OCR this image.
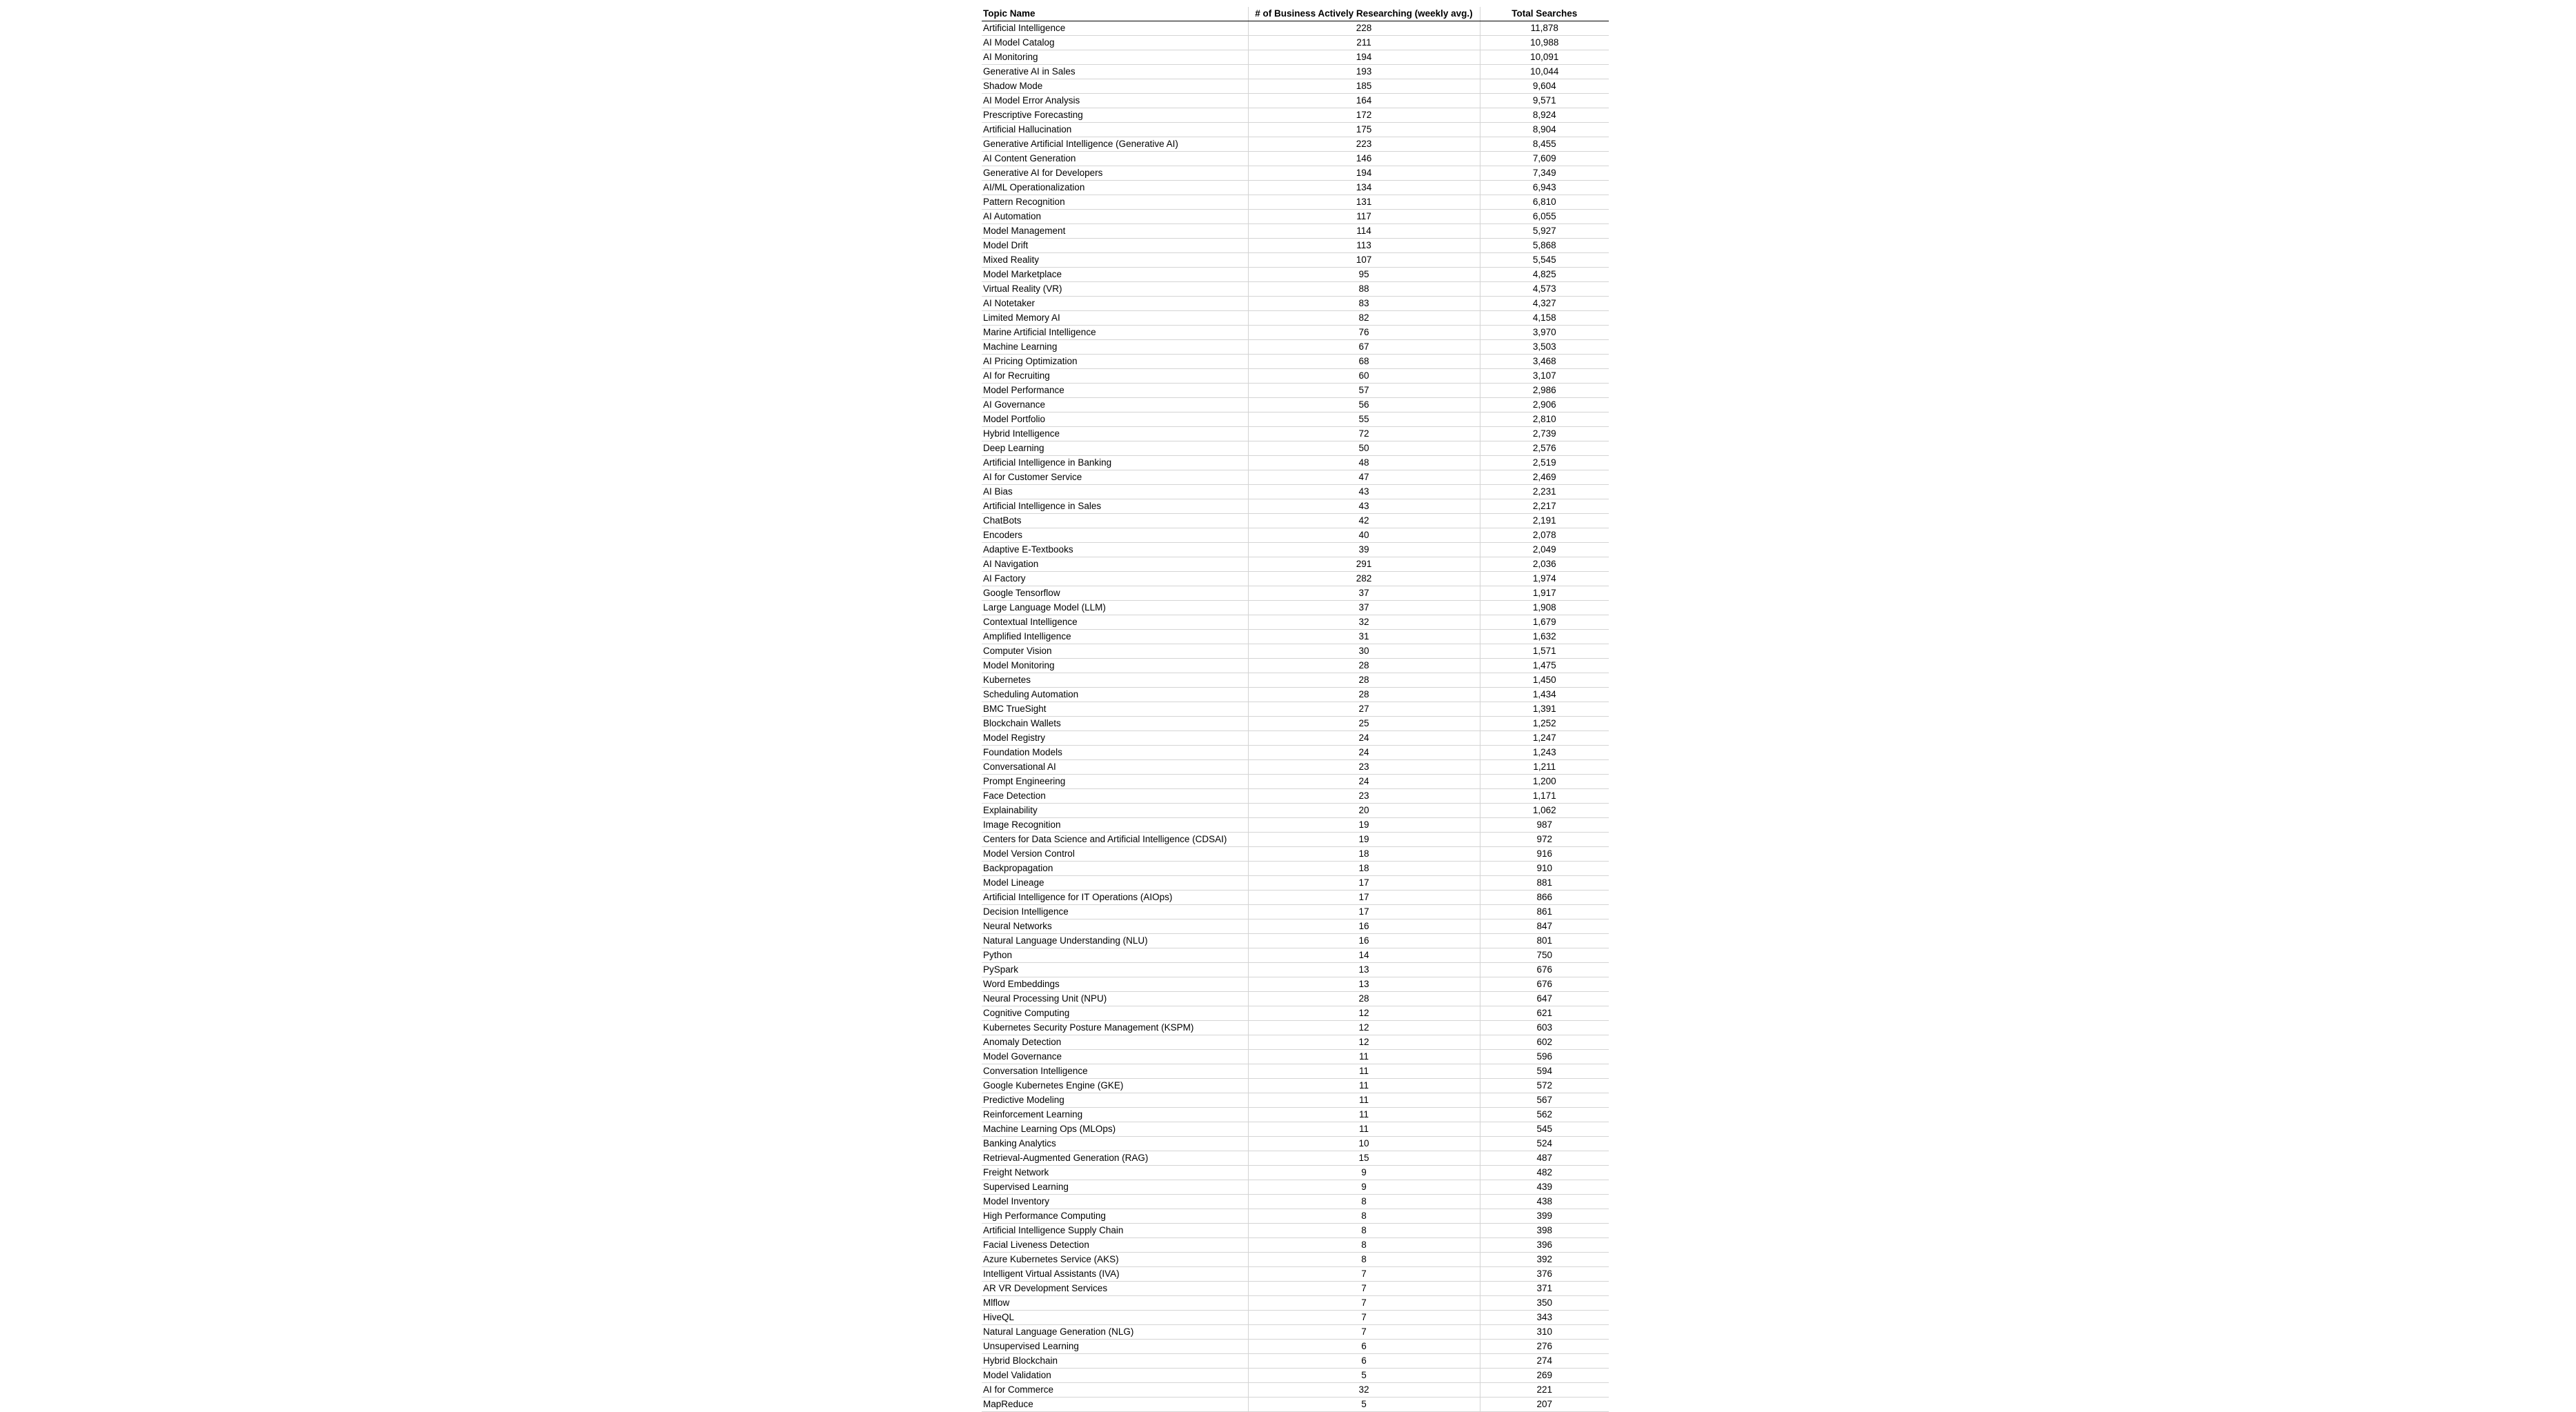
Topic Name	# of Business Actively Researching (weekly avg.)	Total Searches
Artificial Intelligence	228	11,878
AI Model Catalog	211	10,988
AI Monitoring	194	10,091
Generative AI in Sales	193	10,044
Shadow Mode	185	9,604
AI Model Error Analysis	164	9,571
Prescriptive Forecasting	172	8,924
Artificial Hallucination	175	8,904
Generative Artificial Intelligence (Generative AI)	223	8,455
AI Content Generation	146	7,609
Generative AI for Developers	194	7,349
AI/ML Operationalization	134	6,943
Pattern Recognition	131	6,810
AI Automation	117	6,055
Model Management	114	5,927
Model Drift	113	5,868
Mixed Reality	107	5,545
Model Marketplace	95	4,825
Virtual Reality (VR)	88	4,573
AI Notetaker	83	4,327
Limited Memory AI	82	4,158
Marine Artificial Intelligence	76	3,970
Machine Learning	67	3,503
AI Pricing Optimization	68	3,468
AI for Recruiting	60	3,107
Model Performance	57	2,986
AI Governance	56	2,906
Model Portfolio	55	2,810
Hybrid Intelligence	72	2,739
Deep Learning	50	2,576
Artificial Intelligence in Banking	48	2,519
AI for Customer Service	47	2,469
AI Bias	43	2,231
Artificial Intelligence in Sales	43	2,217
ChatBots	42	2,191
Encoders	40	2,078
Adaptive E-Textbooks	39	2,049
AI Navigation	291	2,036
AI Factory	282	1,974
Google Tensorflow	37	1,917
Large Language Model (LLM)	37	1,908
Contextual Intelligence	32	1,679
Amplified Intelligence	31	1,632
Computer Vision	30	1,571
Model Monitoring	28	1,475
Kubernetes	28	1,450
Scheduling Automation	28	1,434
BMC TrueSight	27	1,391
Blockchain Wallets	25	1,252
Model Registry	24	1,247
Foundation Models	24	1,243
Conversational AI	23	1,211
Prompt Engineering	24	1,200
Face Detection	23	1,171
Explainability	20	1,062
Image Recognition	19	987
Centers for Data Science and Artificial Intelligence (CDSAI)	19	972
Model Version Control	18	916
Backpropagation	18	910
Model Lineage	17	881
Artificial Intelligence for IT Operations (AIOps)	17	866
Decision Intelligence	17	861
Neural Networks	16	847
Natural Language Understanding (NLU)	16	801
Python	14	750
PySpark	13	676
Word Embeddings	13	676
Neural Processing Unit (NPU)	28	647
Cognitive Computing	12	621
Kubernetes Security Posture Management (KSPM)	12	603
Anomaly Detection	12	602
Model Governance	11	596
Conversation Intelligence	11	594
Google Kubernetes Engine (GKE)	11	572
Predictive Modeling	11	567
Reinforcement Learning	11	562
Machine Learning Ops (MLOps)	11	545
Banking Analytics	10	524
Retrieval-Augmented Generation (RAG)	15	487
Freight Network	9	482
Supervised Learning	9	439
Model Inventory	8	438
High Performance Computing	8	399
Artificial Intelligence Supply Chain	8	398
Facial Liveness Detection	8	396
Azure Kubernetes Service (AKS)	8	392
Intelligent Virtual Assistants (IVA)	7	376
AR VR Development Services	7	371
Mlflow	7	350
HiveQL	7	343
Natural Language Generation (NLG)	7	310
Unsupervised Learning	6	276
Hybrid Blockchain	6	274
Model Validation	5	269
AI for Commerce	32	221
MapReduce	5	207
